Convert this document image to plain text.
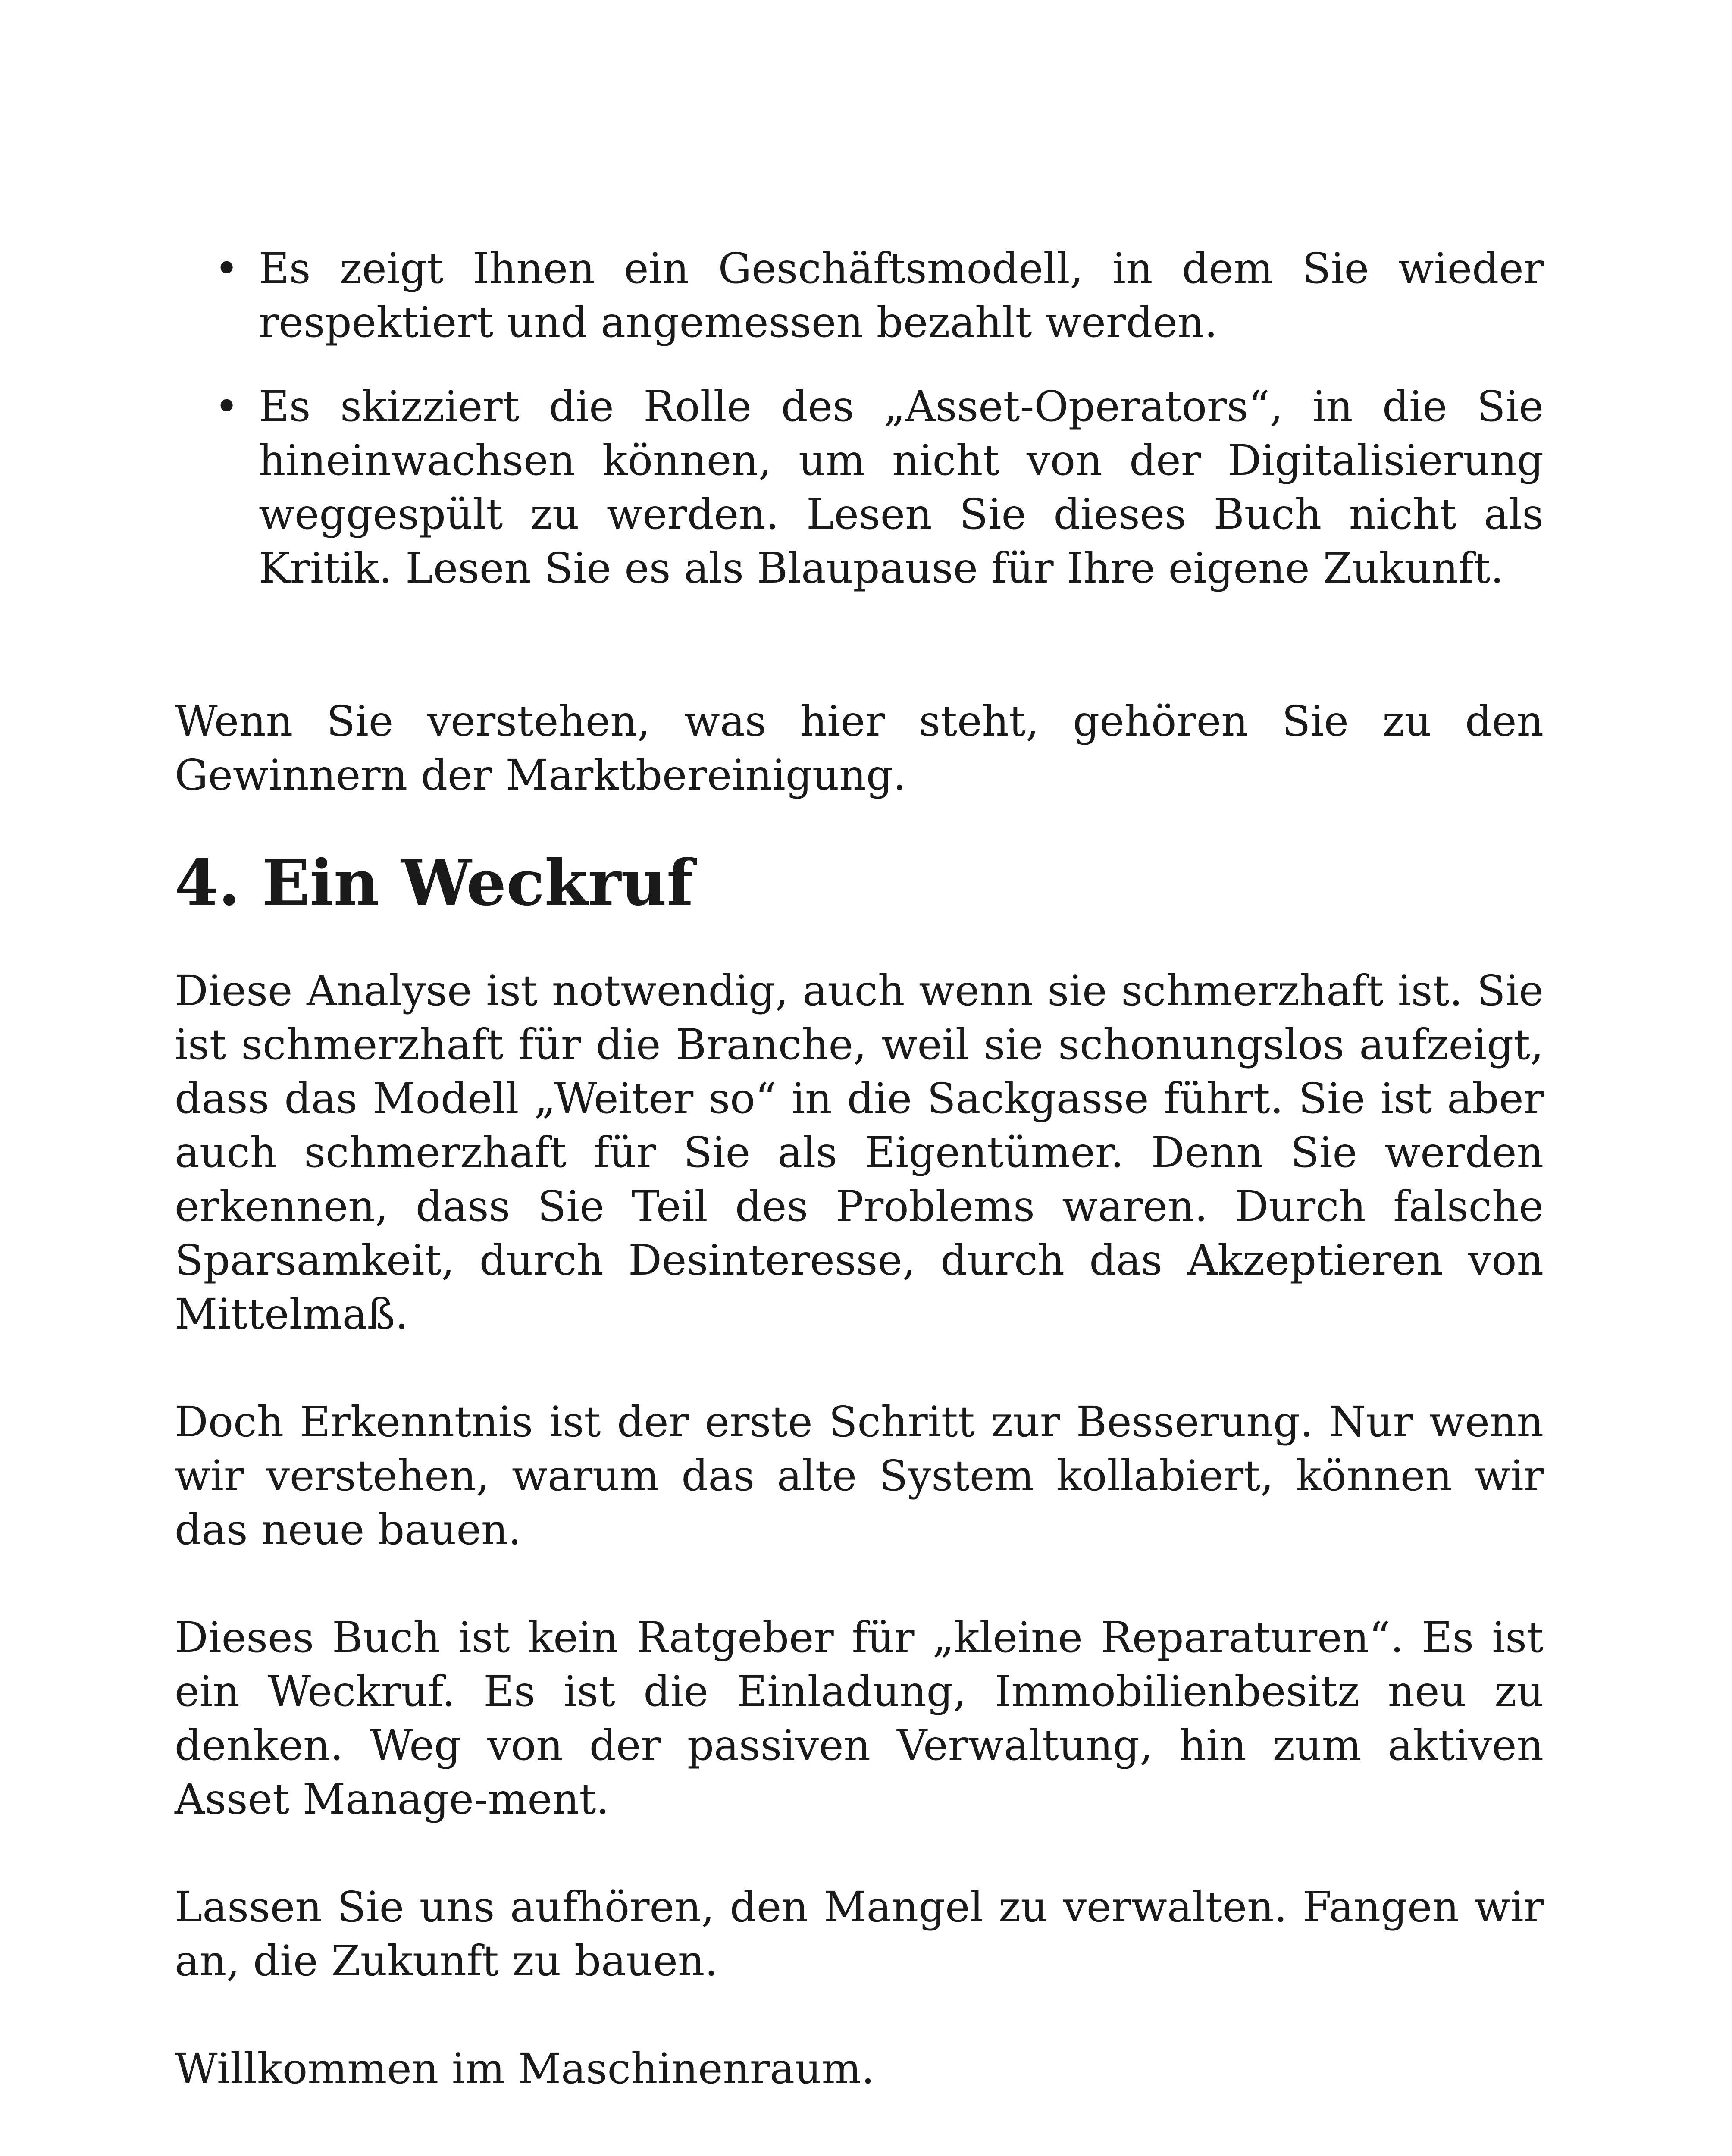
• Es zeigt Ihnen ein Geschäftsmodell, in dem Sie wieder respektiert und angemessen bezahlt werden.
• Es skizziert die Rolle des „Asset-Operators“, in die Sie hineinwachsen können, um nicht von der Digitalisierung weggespült zu werden. Lesen Sie dieses Buch nicht als Kritik. Lesen Sie es als Blaupause für Ihre eigene Zukunft.

Wenn Sie verstehen, was hier steht, gehören Sie zu den Gewinnern der Marktbereinigung.

4. Ein Weckruf

Diese Analyse ist notwendig, auch wenn sie schmerzhaft ist. Sie ist schmerzhaft für die Branche, weil sie schonungslos aufzeigt, dass das Modell „Weiter so“ in die Sackgasse führt. Sie ist aber auch schmerzhaft für Sie als Eigentümer. Denn Sie werden erkennen, dass Sie Teil des Problems waren. Durch falsche Sparsamkeit, durch Desinteresse, durch das Akzeptieren von Mittelmaß.

Doch Erkenntnis ist der erste Schritt zur Besserung. Nur wenn wir verstehen, warum das alte System kollabiert, können wir das neue bauen.

Dieses Buch ist kein Ratgeber für „kleine Reparaturen“. Es ist ein Weckruf. Es ist die Einladung, Immobilienbesitz neu zu denken. Weg von der passiven Verwaltung, hin zum aktiven Asset Manage-ment.

Lassen Sie uns aufhören, den Mangel zu verwalten. Fangen wir an, die Zukunft zu bauen.

Willkommen im Maschinenraum.
